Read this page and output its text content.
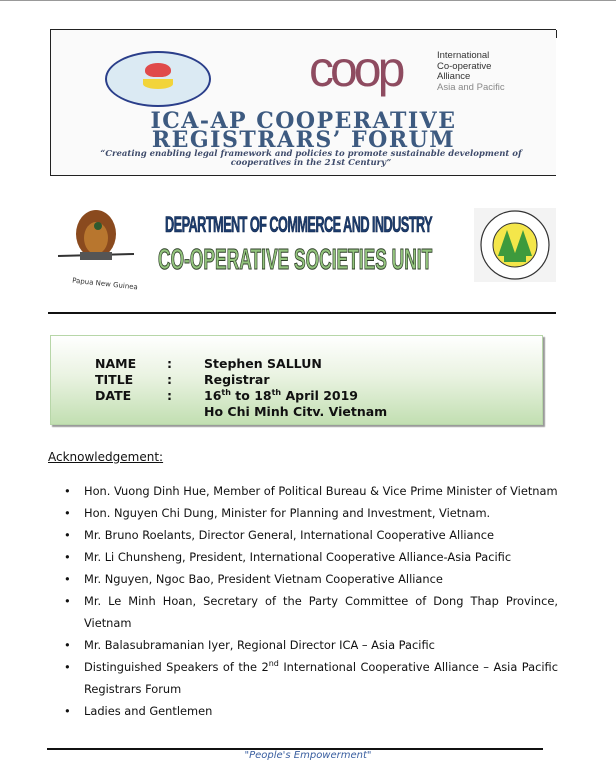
coop	International
Co-operative
Alliance
Asia and Pacific
ICA-AP COOPERATIVE
REGISTRARS’ FORUM
“Creating enabling legal framework and policies to promote sustainable development of cooperatives in the 21st Century”
Papua New Guinea
DEPARTMENT OF COMMERCE AND INDUSTRY
CO-OPERATIVE SOCIETIES UNIT
NAME :	Stephen SALLUN
TITLE	:	Registrar
DATE	:	16th to 18th April 2019
Ho Chi Minh Citv. Vietnam
Acknowledgement:
• Hon. Vuong Dinh Hue, Member of Political Bureau & Vice Prime Minister of Vietnam
• Hon. Nguyen Chi Dung, Minister for Planning and Investment, Vietnam.
• Mr. Bruno Roelants, Director General, International Cooperative Alliance
• Mr. Li Chunsheng, President, International Cooperative Alliance-Asia Pacific
• Mr. Nguyen, Ngoc Bao, President Vietnam Cooperative Alliance
• Mr. Le Minh Hoan, Secretary of the Party Committee of Dong Thap Province, Vietnam
• Mr. Balasubramanian Iyer, Regional Director ICA – Asia Pacific
• Distinguished Speakers of the 2nd International Cooperative Alliance – Asia Pacific Registrars Forum
• Ladies and Gentlemen
"People's Empowerment"
